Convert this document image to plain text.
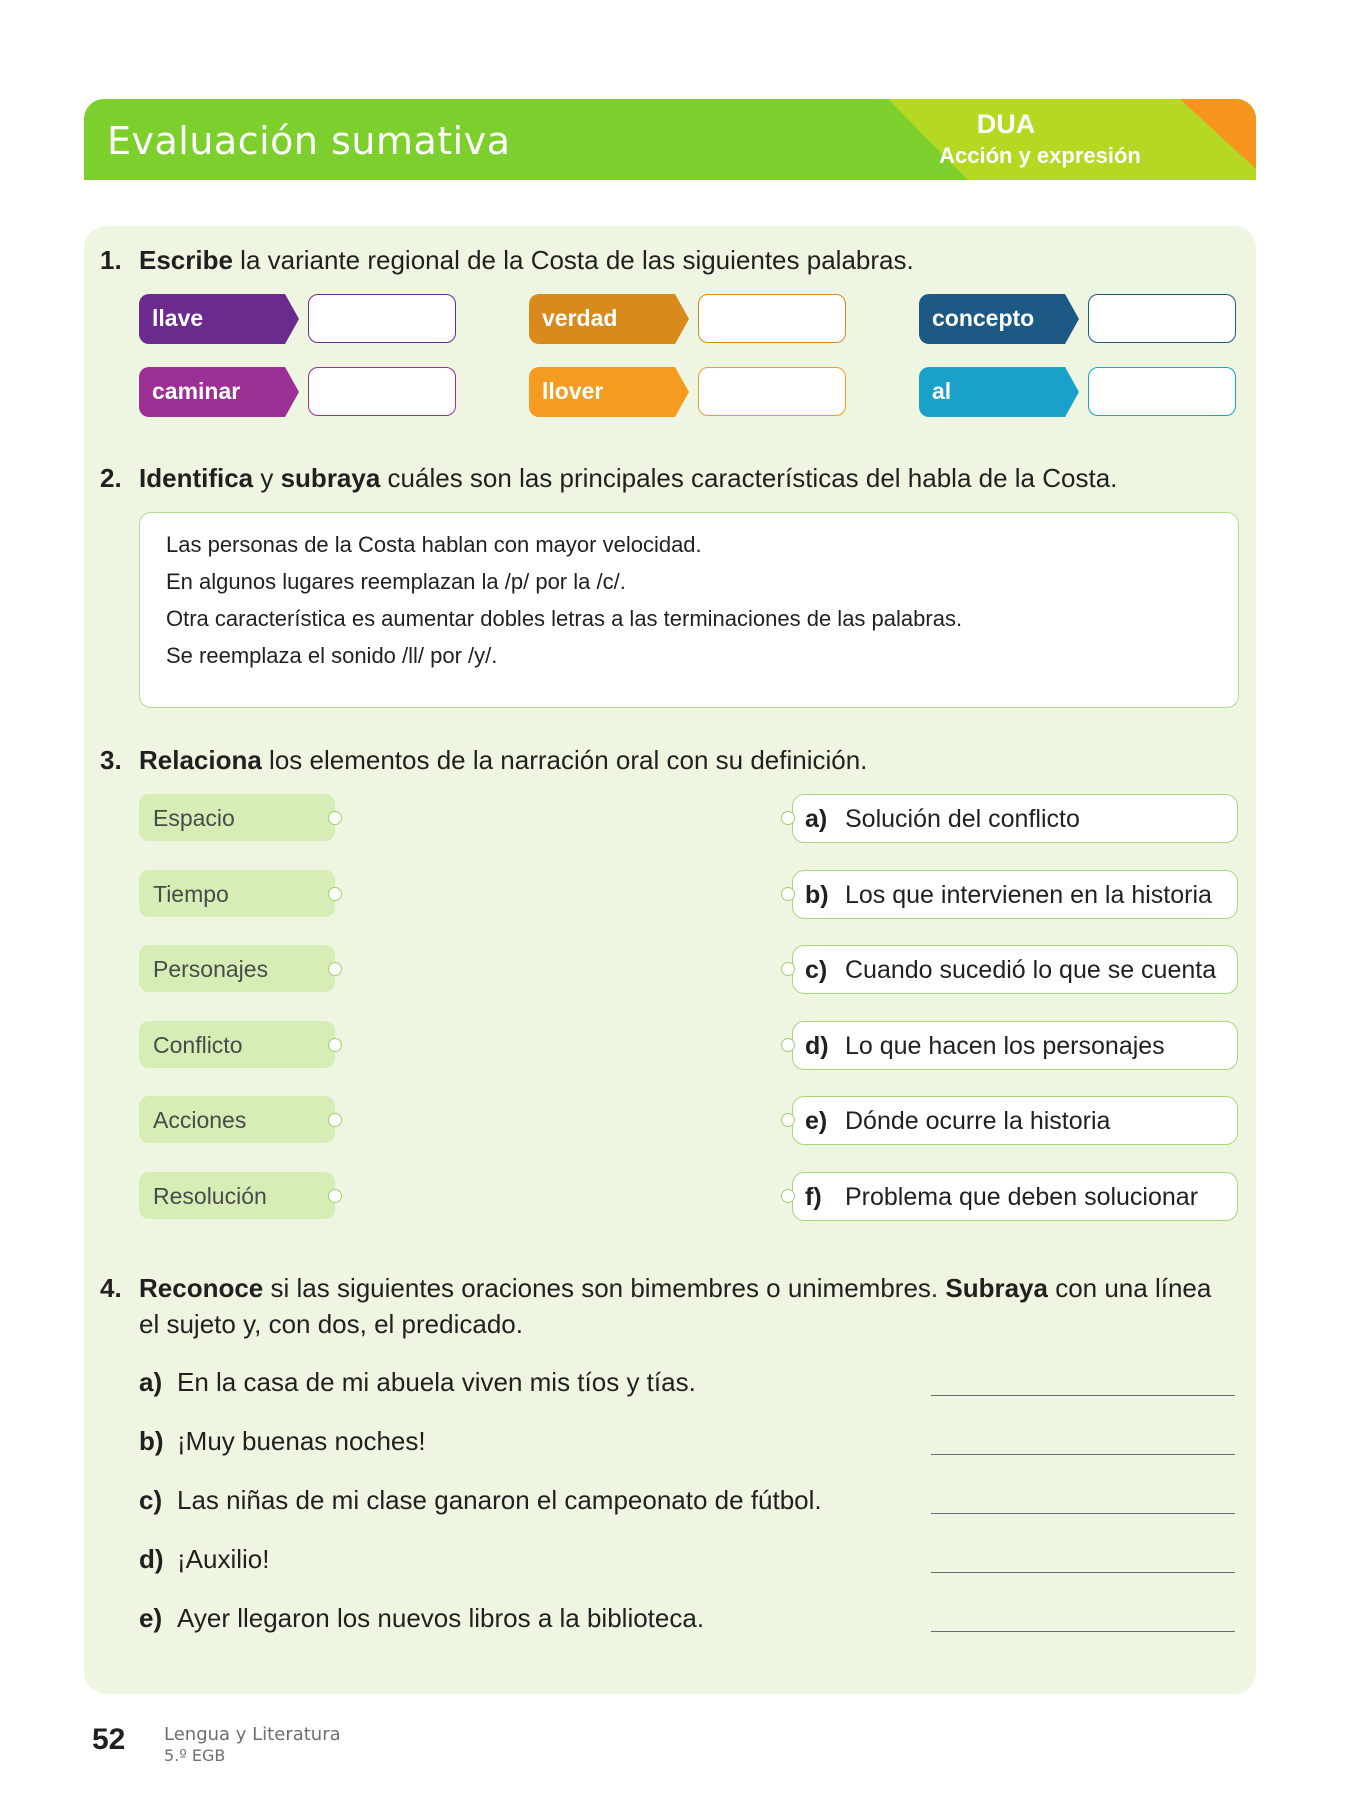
Evaluación sumativa	DUA
Acción y expresión
1. Escribe la variante regional de la Costa de las siguientes palabras.
llave	verdad	concepto
caminar	llover	al
2. Identifica y subraya cuáles son las principales características del habla de la Costa.
Las personas de la Costa hablan con mayor velocidad.
En algunos lugares reemplazan la /p/ por la /c/.
Otra característica es aumentar dobles letras a las terminaciones de las palabras.
Se reemplaza el sonido /ll/ por /y/.
3. Relaciona los elementos de la narración oral con su definición.
Espacio
Tiempo
Personajes
Conflicto
Acciones
Resolución
a) Solución del conflicto
b) Los que intervienen en la historia
c) Cuando sucedió lo que se cuenta
d) Lo que hacen los personajes
e) Dónde ocurre la historia
f) Problema que deben solucionar
4. Reconoce si las siguientes oraciones son bimembres o unimembres. Subraya con una línea el sujeto y, con dos, el predicado.
a) En la casa de mi abuela viven mis tíos y tías.
b) ¡Muy buenas noches!
c) Las niñas de mi clase ganaron el campeonato de fútbol.
d) ¡Auxilio!
e) Ayer llegaron los nuevos libros a la biblioteca.
52 Lengua y Literatura
5.º EGB
